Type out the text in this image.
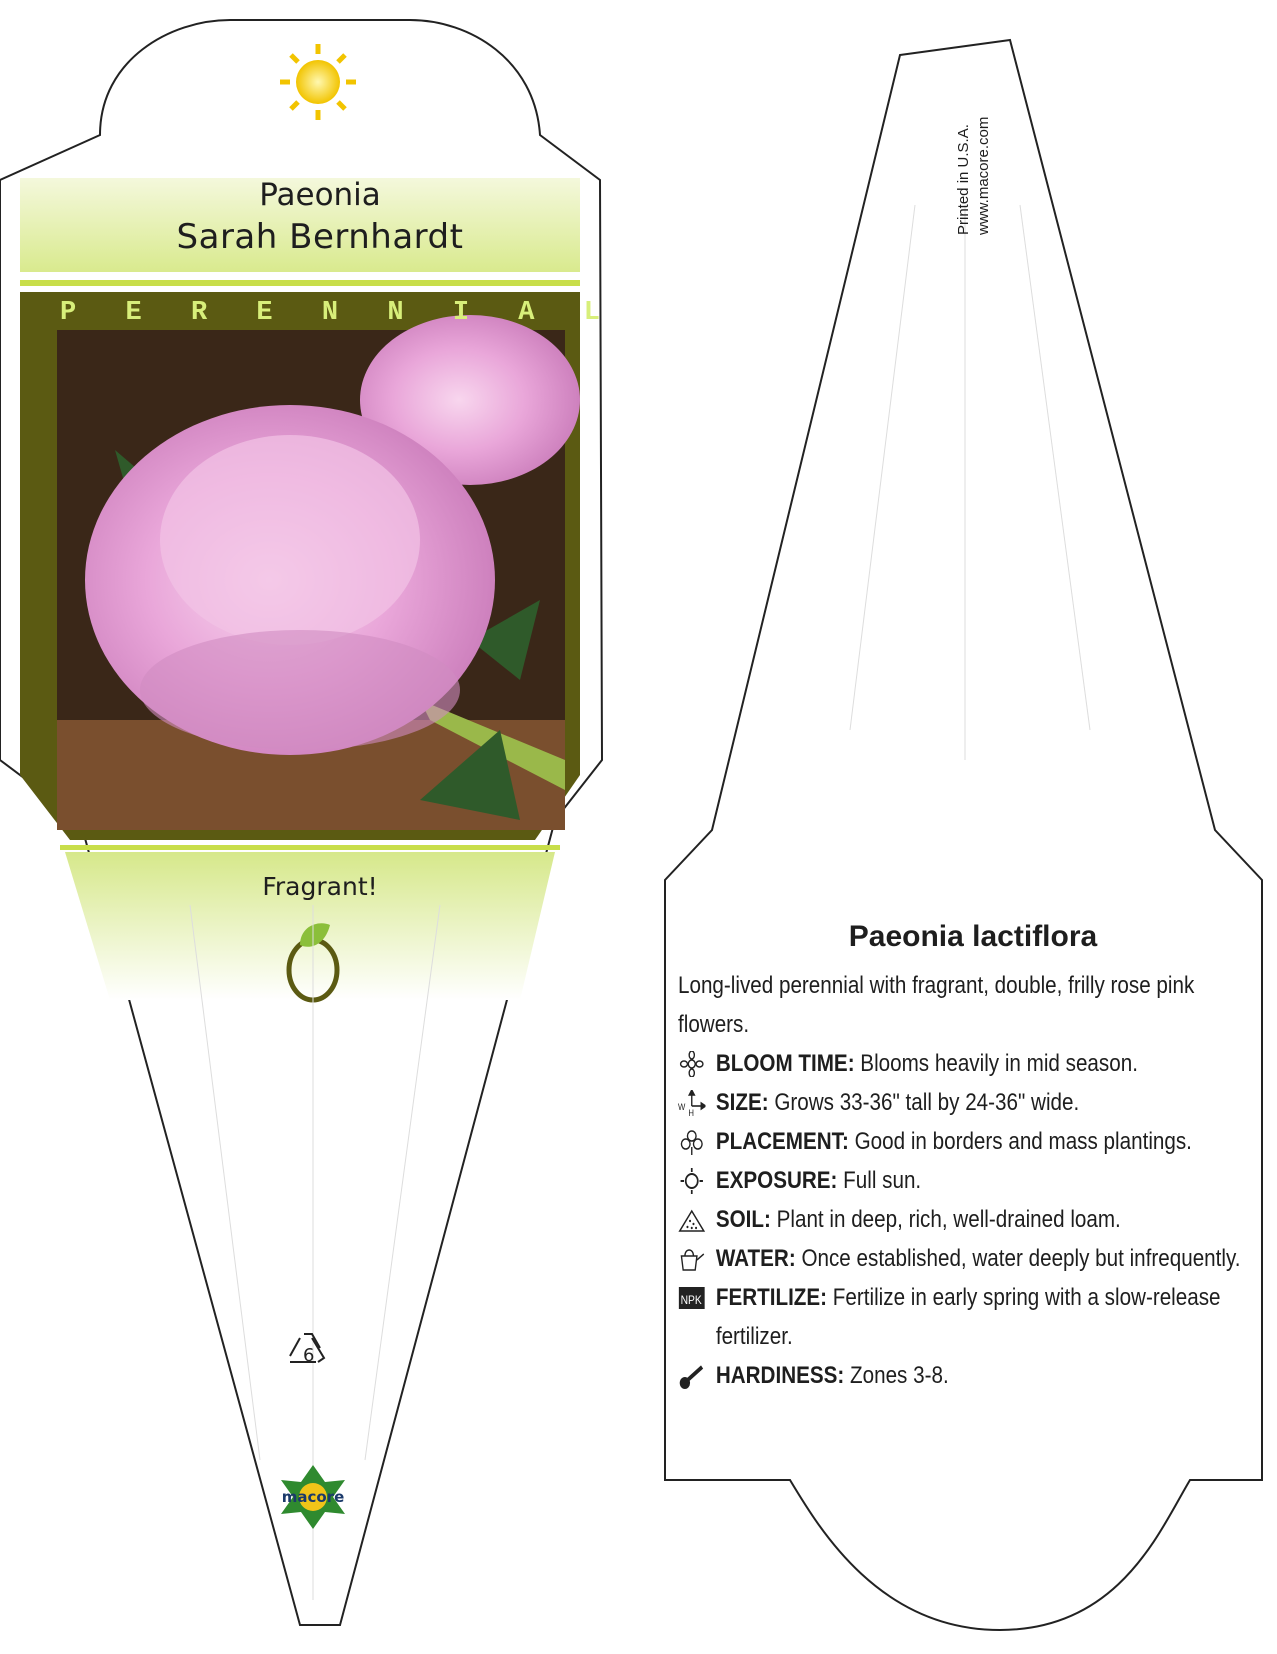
Paeonia
Sarah Bernhardt
P E R E N N I A L
Fragrant!
6
macore
Printed in U.S.A. www.macore.com
Paeonia lactiflora
Long-lived perennial with fragrant, double, frilly rose pink flowers.
BLOOM TIME: Blooms heavily in mid season.
W
H SIZE: Grows 33-36" tall by 24-36" wide.
PLACEMENT: Good in borders and mass plantings.
EXPOSURE: Full sun.
SOIL: Plant in deep, rich, well-drained loam.
WATER: Once established, water deeply but infrequently.
NPK FERTILIZE: Fertilize in early spring with a slow-release fertilizer.
HARDINESS: Zones 3-8.
